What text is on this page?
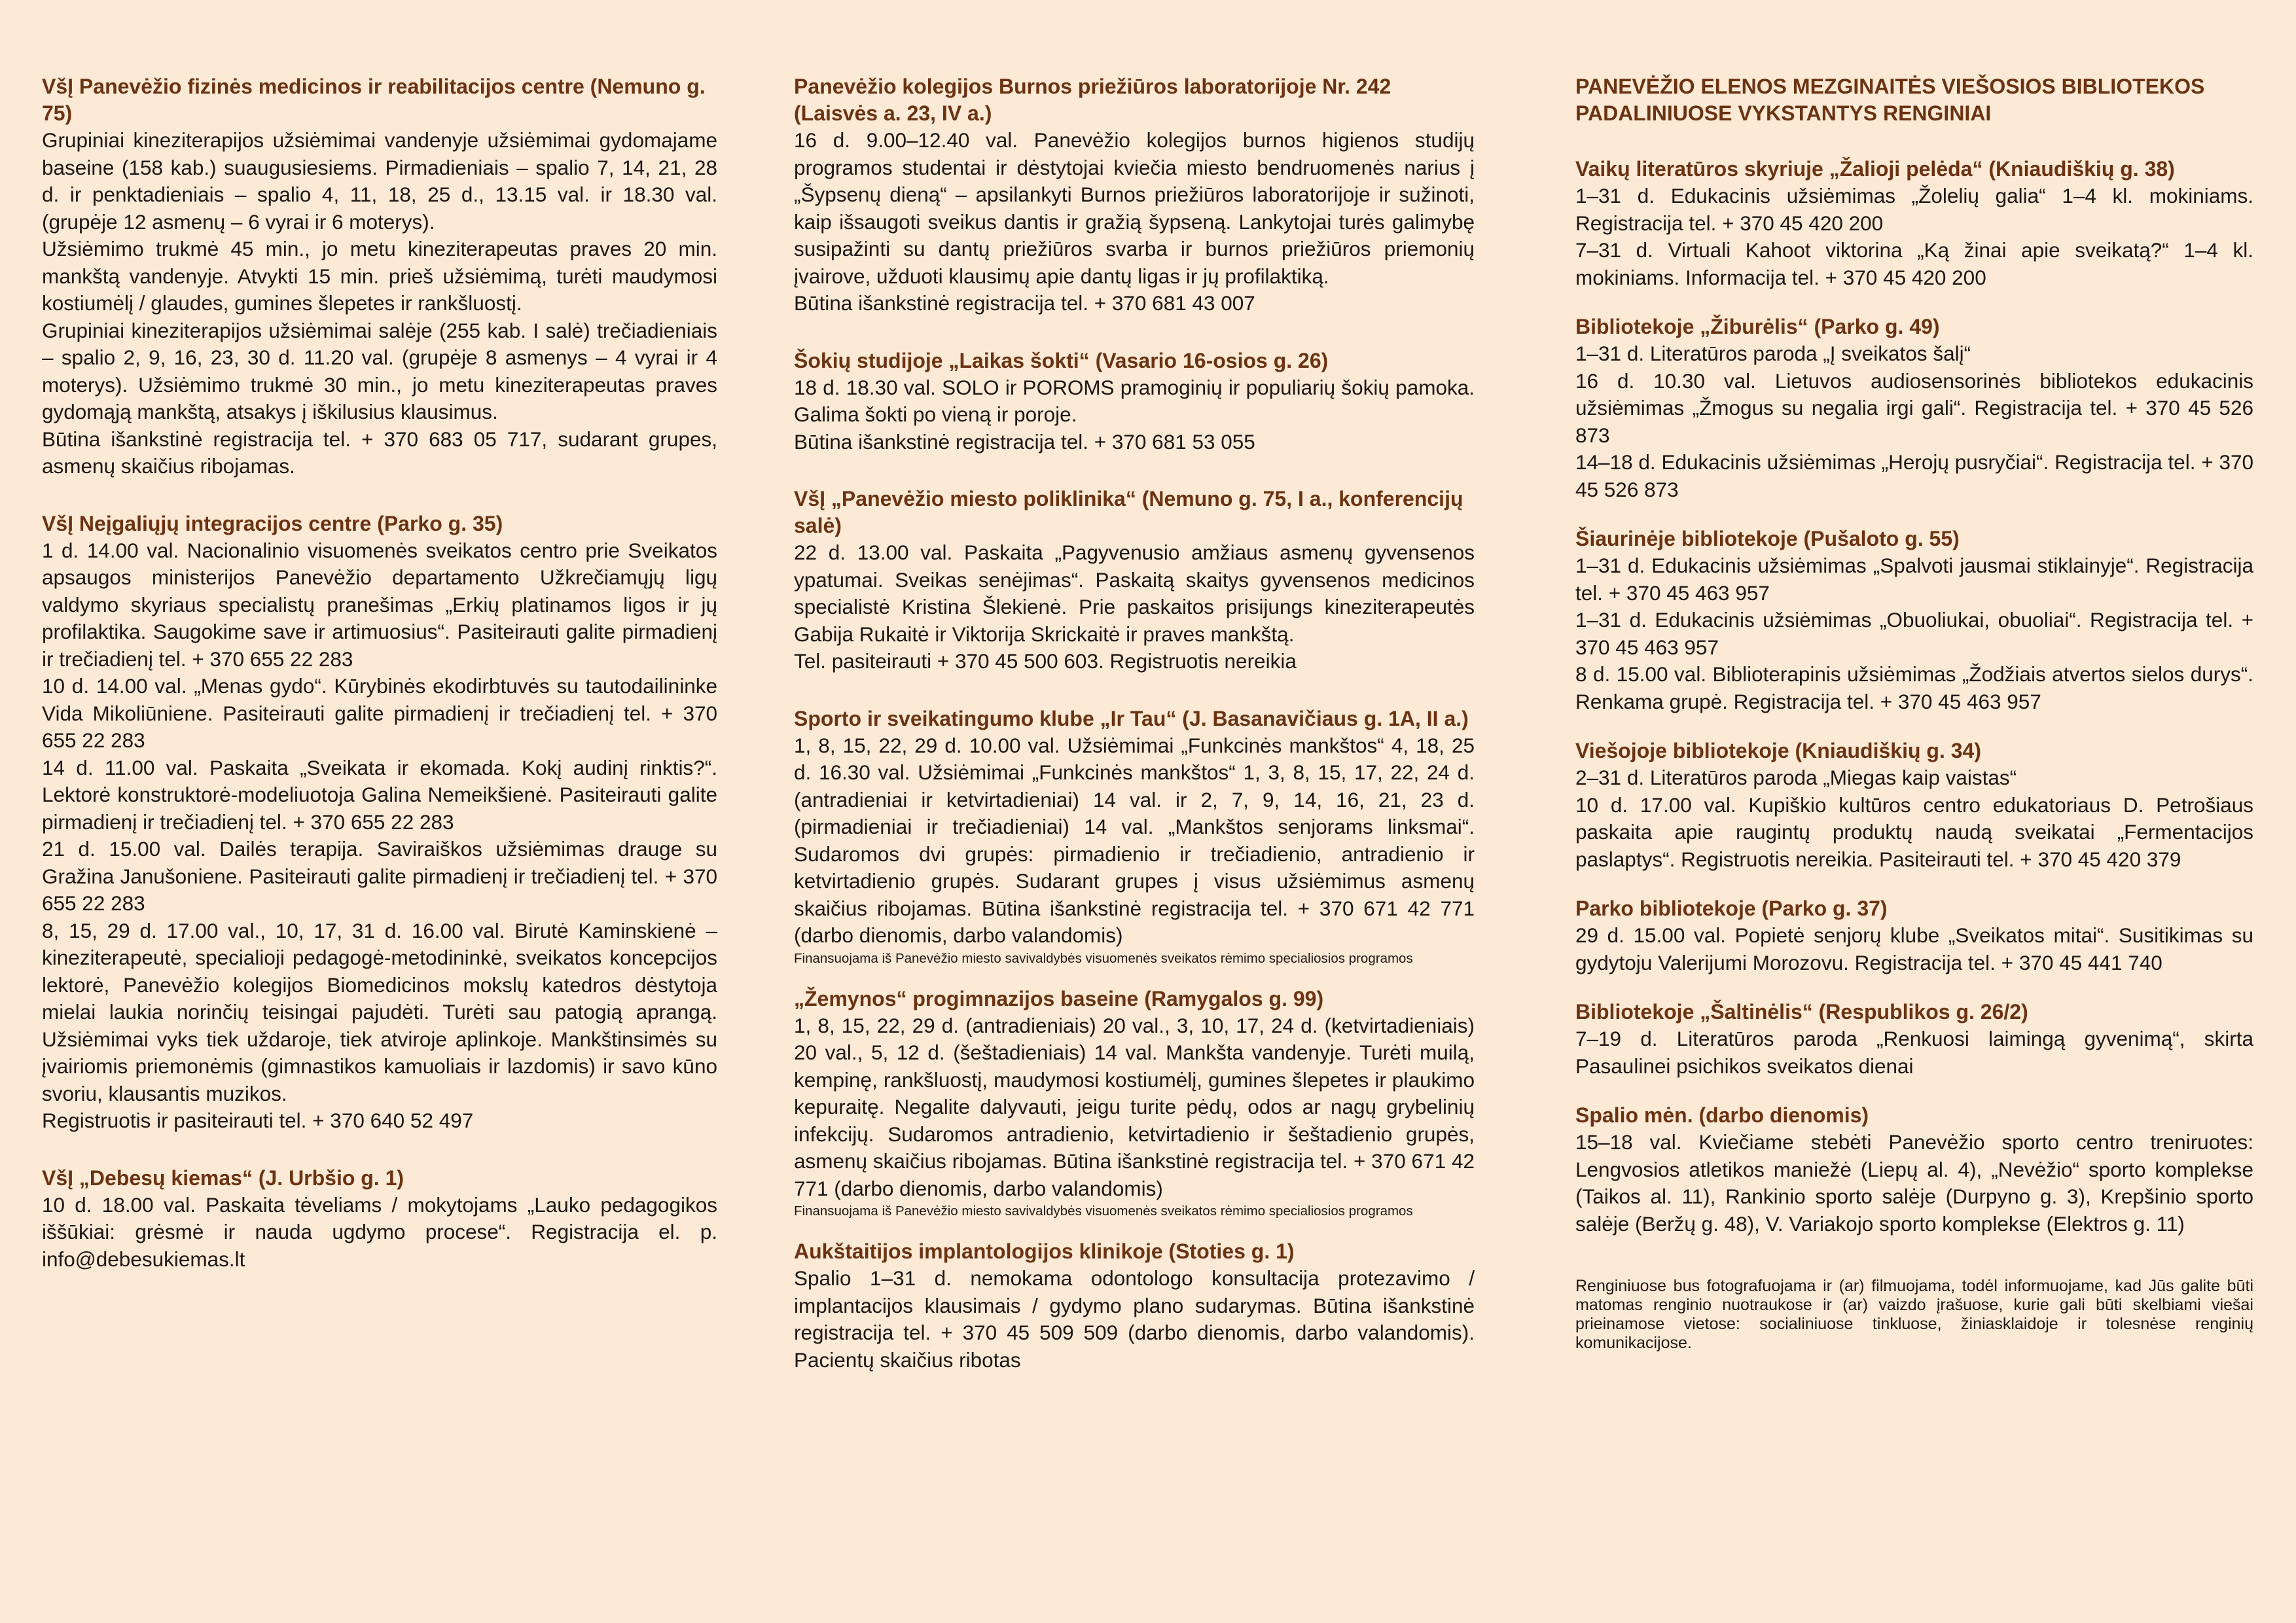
VšĮ Panevėžio fizinės medicinos ir reabilitacijos centre (Nemuno g. 75)

Grupiniai kineziterapijos užsiėmimai vandenyje užsiėmimai gydomajame baseine (158 kab.) suaugusiesiems. Pirmadieniais – spalio 7, 14, 21, 28 d. ir penktadieniais – spalio 4, 11, 18, 25 d., 13.15 val. ir 18.30 val. (grupėje 12 asmenų – 6 vyrai ir 6 moterys).

Užsiėmimo trukmė 45 min., jo metu kineziterapeutas praves 20 min. mankštą vandenyje. Atvykti 15 min. prieš užsiėmimą, turėti maudymosi kostiumėlį / glaudes, gumines šlepetes ir rankšluostį.

Grupiniai kineziterapijos užsiėmimai salėje (255 kab. I salė) trečiadieniais – spalio 2, 9, 16, 23, 30 d. 11.20 val. (grupėje 8 asmenys – 4 vyrai ir 4 moterys). Užsiėmimo trukmė 30 min., jo metu kineziterapeutas praves gydomąją mankštą, atsakys į iškilusius klausimus.

Būtina išankstinė registracija tel. + 370 683 05 717, sudarant grupes, asmenų skaičius ribojamas.

VšĮ Neįgaliųjų integracijos centre (Parko g. 35)

1 d. 14.00 val. Nacionalinio visuomenės sveikatos centro prie Sveikatos apsaugos ministerijos Panevėžio departamento Užkrečiamųjų ligų valdymo skyriaus specialistų pranešimas „Erkių platinamos ligos ir jų profilaktika. Saugokime save ir artimuosius“. Pasiteirauti galite pirmadienį ir trečiadienį tel. + 370 655 22 283

10 d. 14.00 val. „Menas gydo“. Kūrybinės ekodirbtuvės su tautodailininke Vida Mikoliūniene. Pasiteirauti galite pirmadienį ir trečiadienį tel. + 370 655 22 283

14 d. 11.00 val. Paskaita „Sveikata ir ekomada. Kokį audinį rinktis?“. Lektorė konstruktorė-modeliuotoja Galina Nemeikšienė. Pasiteirauti galite pirmadienį ir trečiadienį tel. + 370 655 22 283

21 d. 15.00 val. Dailės terapija. Saviraiškos užsiėmimas drauge su Gražina Janušoniene. Pasiteirauti galite pirmadienį ir trečiadienį tel. + 370 655 22 283

8, 15, 29 d. 17.00 val., 10, 17, 31 d. 16.00 val. Birutė Kaminskienė – kineziterapeutė, specialioji pedagogė-metodininkė, sveikatos koncepcijos lektorė, Panevėžio kolegijos Biomedicinos mokslų katedros dėstytoja mielai laukia norinčių teisingai pajudėti. Turėti sau patogią aprangą. Užsiėmimai vyks tiek uždaroje, tiek atviroje aplinkoje. Mankštinsimės su įvairiomis priemonėmis (gimnastikos kamuoliais ir lazdomis) ir savo kūno svoriu, klausantis muzikos.

Registruotis ir pasiteirauti tel. + 370 640 52 497

VšĮ „Debesų kiemas“ (J. Urbšio g. 1)

10 d. 18.00 val. Paskaita tėveliams / mokytojams „Lauko pedagogikos iššūkiai: grėsmė ir nauda ugdymo procese“. Registracija el. p. info@debesukiemas.lt

Panevėžio kolegijos Burnos priežiūros laboratorijoje Nr. 242 (Laisvės a. 23, IV a.)

16 d. 9.00–12.40 val. Panevėžio kolegijos burnos higienos studijų programos studentai ir dėstytojai kviečia miesto bendruomenės narius į „Šypsenų dieną“ – apsilankyti Burnos priežiūros laboratorijoje ir sužinoti, kaip išsaugoti sveikus dantis ir gražią šypseną. Lankytojai turės galimybę susipažinti su dantų priežiūros svarba ir burnos priežiūros priemonių įvairove, užduoti klausimų apie dantų ligas ir jų profilaktiką.

Būtina išankstinė registracija tel. + 370 681 43 007

Šokių studijoje „Laikas šokti“ (Vasario 16-osios g. 26)

18 d. 18.30 val. SOLO ir POROMS pramoginių ir populiarių šokių pamoka. Galima šokti po vieną ir poroje.

Būtina išankstinė registracija tel. + 370 681 53 055

VšĮ „Panevėžio miesto poliklinika“ (Nemuno g. 75, I a., konferencijų salė)

22 d. 13.00 val. Paskaita „Pagyvenusio amžiaus asmenų gyvensenos ypatumai. Sveikas senėjimas“. Paskaitą skaitys gyvensenos medicinos specialistė Kristina Šlekienė. Prie paskaitos prisijungs kineziterapeutės Gabija Rukaitė ir Viktorija Skrickaitė ir praves mankštą.

Tel. pasiteirauti + 370 45 500 603. Registruotis nereikia

Sporto ir sveikatingumo klube „Ir Tau“ (J. Basanavičiaus g. 1A, II a.)

1, 8, 15, 22, 29 d. 10.00 val. Užsiėmimai „Funkcinės mankštos“ 4, 18, 25 d. 16.30 val. Užsiėmimai „Funkcinės mankštos“ 1, 3, 8, 15, 17, 22, 24 d. (antradieniai ir ketvirtadieniai) 14 val. ir 2, 7, 9, 14, 16, 21, 23 d. (pirmadieniai ir trečiadieniai) 14 val. „Mankštos senjorams linksmai“. Sudaromos dvi grupės: pirmadienio ir trečiadienio, antradienio ir ketvirtadienio grupės. Sudarant grupes į visus užsiėmimus asmenų skaičius ribojamas. Būtina išankstinė registracija tel. + 370 671 42 771 (darbo dienomis, darbo valandomis)

Finansuojama iš Panevėžio miesto savivaldybės visuomenės sveikatos rėmimo specialiosios programos

„Žemynos“ progimnazijos baseine (Ramygalos g. 99)

1, 8, 15, 22, 29 d. (antradieniais) 20 val., 3, 10, 17, 24 d. (ketvirtadieniais) 20 val., 5, 12 d. (šeštadieniais) 14 val. Mankšta vandenyje. Turėti muilą, kempinę, rankšluostį, maudymosi kostiumėlį, gumines šlepetes ir plaukimo kepuraitę. Negalite dalyvauti, jeigu turite pėdų, odos ar nagų grybelinių infekcijų. Sudaromos antradienio, ketvirtadienio ir šeštadienio grupės, asmenų skaičius ribojamas. Būtina išankstinė registracija tel. + 370 671 42 771 (darbo dienomis, darbo valandomis)

Finansuojama iš Panevėžio miesto savivaldybės visuomenės sveikatos rėmimo specialiosios programos

Aukštaitijos implantologijos klinikoje (Stoties g. 1)

Spalio 1–31 d. nemokama odontologo konsultacija protezavimo / implantacijos klausimais / gydymo plano sudarymas. Būtina išankstinė registracija tel. + 370 45 509 509 (darbo dienomis, darbo valandomis). Pacientų skaičius ribotas

PANEVĖŽIO ELENOS MEZGINAITĖS VIEŠOSIOS BIBLIOTEKOS PADALINIUOSE VYKSTANTYS RENGINIAI

Vaikų literatūros skyriuje „Žalioji pelėda“ (Kniaudiškių g. 38)

1–31 d. Edukacinis užsiėmimas „Žolelių galia“ 1–4 kl. mokiniams. Registracija tel. + 370 45 420 200

7–31 d. Virtuali Kahoot viktorina „Ką žinai apie sveikatą?“ 1–4 kl. mokiniams. Informacija tel. + 370 45 420 200

Bibliotekoje „Žiburėlis“ (Parko g. 49)

1–31 d. Literatūros paroda „Į sveikatos šalį“

16 d. 10.30 val. Lietuvos audiosensorinės bibliotekos edukacinis užsiėmimas „Žmogus su negalia irgi gali“. Registracija tel. + 370 45 526 873

14–18 d. Edukacinis užsiėmimas „Herojų pusryčiai“. Registracija tel. + 370 45 526 873

Šiaurinėje bibliotekoje (Pušaloto g. 55)

1–31 d. Edukacinis užsiėmimas „Spalvoti jausmai stiklainyje“. Registracija tel. + 370 45 463 957

1–31 d. Edukacinis užsiėmimas „Obuoliukai, obuoliai“. Registracija tel. + 370 45 463 957

8 d. 15.00 val. Biblioterapinis užsiėmimas „Žodžiais atvertos sielos durys“. Renkama grupė. Registracija tel. + 370 45 463 957

Viešojoje bibliotekoje (Kniaudiškių g. 34)

2–31 d. Literatūros paroda „Miegas kaip vaistas“

10 d. 17.00 val. Kupiškio kultūros centro edukatoriaus D. Petrošiaus paskaita apie raugintų produktų naudą sveikatai „Fermentacijos paslaptys“. Registruotis nereikia. Pasiteirauti tel. + 370 45 420 379

Parko bibliotekoje (Parko g. 37)

29 d. 15.00 val. Popietė senjorų klube „Sveikatos mitai“. Susitikimas su gydytoju Valerijumi Morozovu. Registracija tel. + 370 45 441 740

Bibliotekoje „Šaltinėlis“ (Respublikos g. 26/2)

7–19 d. Literatūros paroda „Renkuosi laimingą gyvenimą“, skirta Pasaulinei psichikos sveikatos dienai

Spalio mėn. (darbo dienomis)

15–18 val. Kviečiame stebėti Panevėžio sporto centro treniruotes: Lengvosios atletikos maniežė (Liepų al. 4), „Nevėžio“ sporto komplekse (Taikos al. 11), Rankinio sporto salėje (Durpyno g. 3), Krepšinio sporto salėje (Beržų g. 48), V. Variakojo sporto komplekse (Elektros g. 11)

Renginiuose bus fotografuojama ir (ar) filmuojama, todėl informuojame, kad Jūs galite būti matomas renginio nuotraukose ir (ar) vaizdo įrašuose, kurie gali būti skelbiami viešai prieinamose vietose: socialiniuose tinkluose, žiniasklaidoje ir tolesnėse renginių komunikacijose.
